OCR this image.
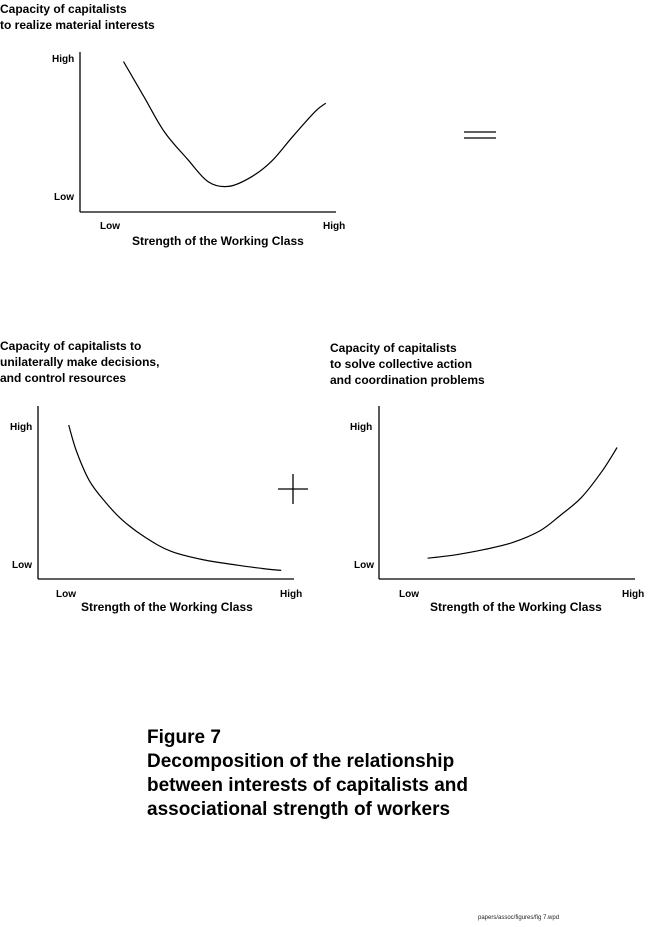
Capacity of capitalists
to realize material interests
High
Low
Low	High
Strength of the Working Class
Capacity of capitalists to
unilaterally make decisions,
and control resources
High
Low
Low	High
Strength of the Working Class
Capacity of capitalists
to solve collective action
and coordination problems
High
Low
Low	High
Strength of the Working Class
Figure 7
Decomposition of the relationship
between interests of capitalists and
associational strength of workers
papers/assoc/figures/fig 7.wpd
